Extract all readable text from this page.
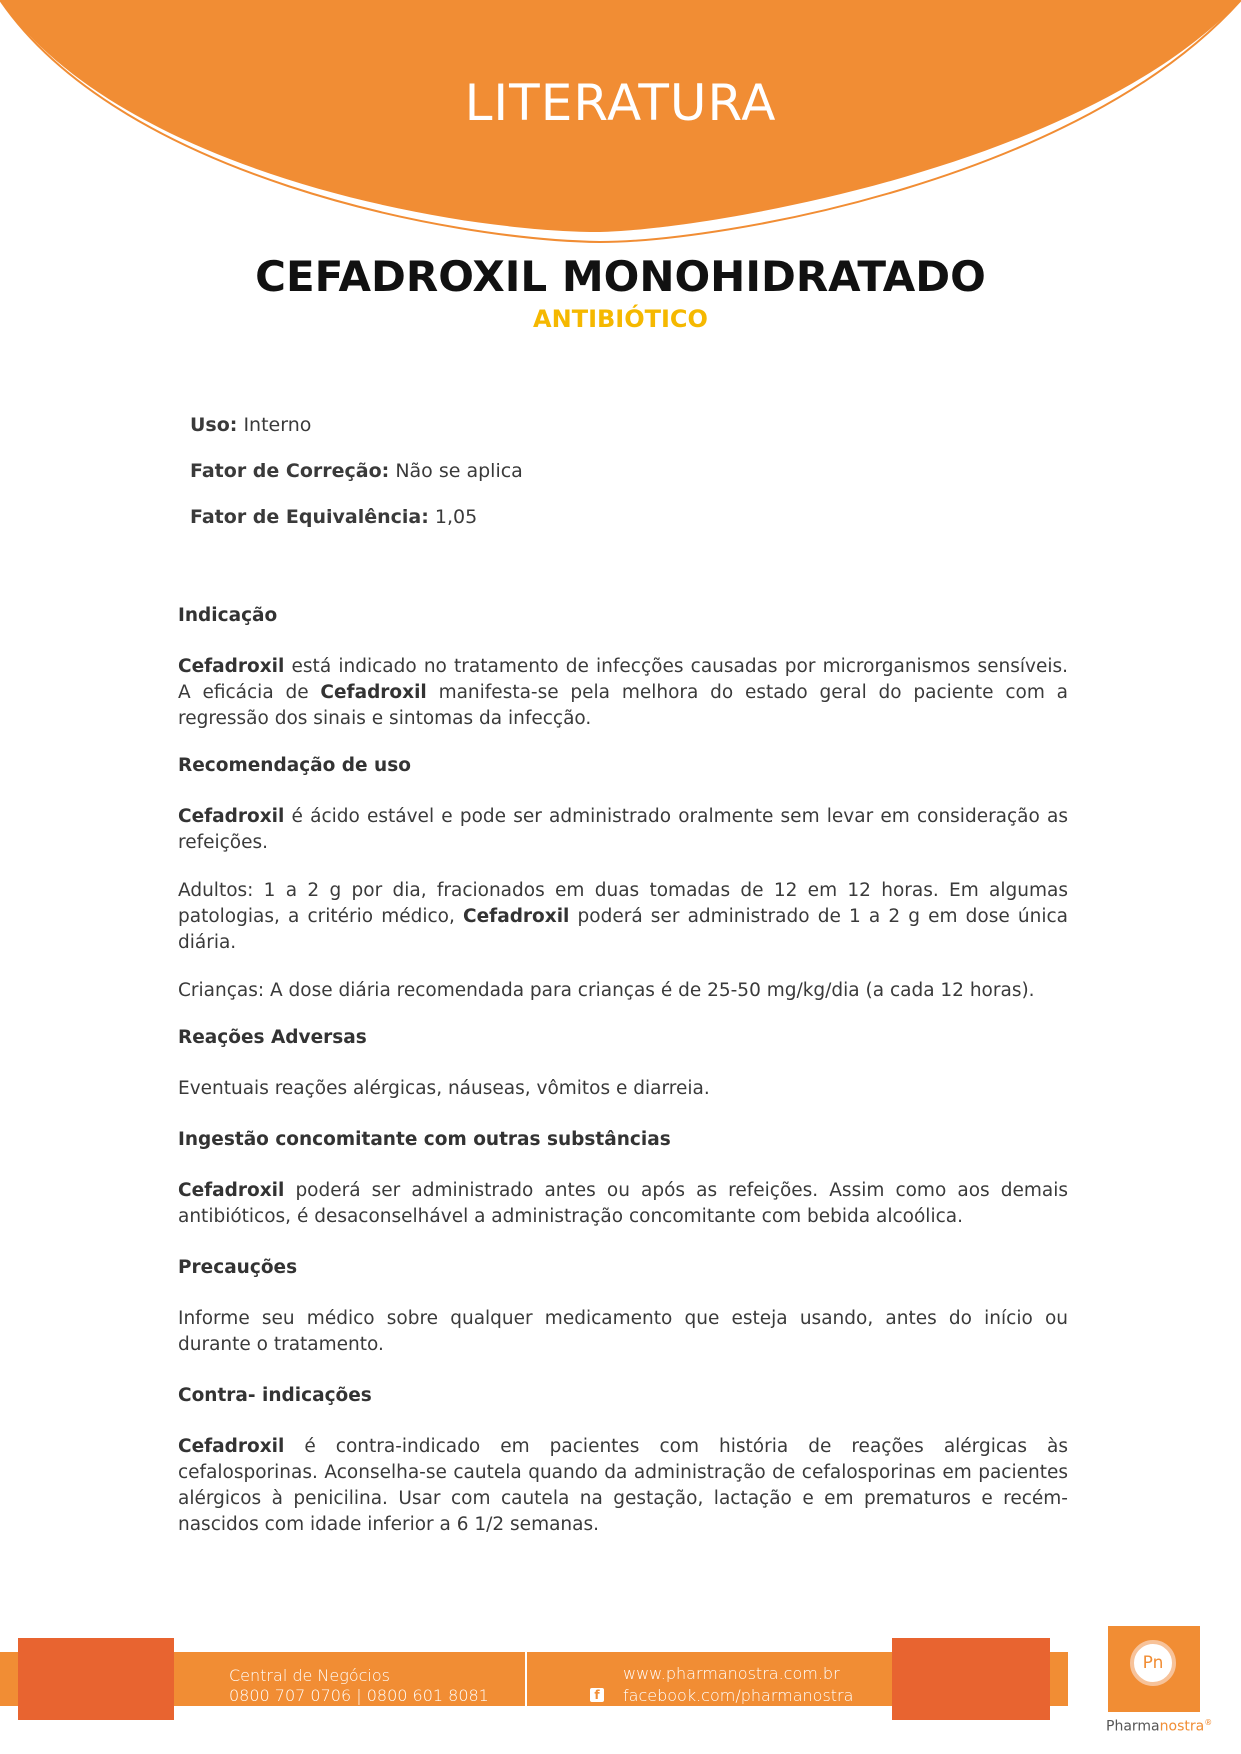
LITERATURA
CEFADROXIL MONOHIDRATADO
ANTIBIÓTICO

Uso: Interno

Fator de Correção: Não se aplica

Fator de Equivalência: 1,05

Indicação

Cefadroxil está indicado no tratamento de infecções causadas por microrganismos sensíveis. A eficácia de Cefadroxil manifesta-se pela melhora do estado geral do paciente com a regressão dos sinais e sintomas da infecção.

Recomendação de uso

Cefadroxil é ácido estável e pode ser administrado oralmente sem levar em consideração as refeições.

Adultos: 1 a 2 g por dia, fracionados em duas tomadas de 12 em 12 horas. Em algumas patologias, a critério médico, Cefadroxil poderá ser administrado de 1 a 2 g em dose única diária.

Crianças: A dose diária recomendada para crianças é de 25-50 mg/kg/dia (a cada 12 horas).

Reações Adversas

Eventuais reações alérgicas, náuseas, vômitos e diarreia.

Ingestão concomitante com outras substâncias

Cefadroxil poderá ser administrado antes ou após as refeições. Assim como aos demais antibióticos, é desaconselhável a administração concomitante com bebida alcoólica.

Precauções

Informe seu médico sobre qualquer medicamento que esteja usando, antes do início ou durante o tratamento.

Contra- indicações

Cefadroxil é contra-indicado em pacientes com história de reações alérgicas às cefalosporinas. Aconselha-se cautela quando da administração de cefalosporinas em pacientes alérgicos à penicilina. Usar com cautela na gestação, lactação e em prematuros e recém-nascidos com idade inferior a 6 1/2 semanas.

Central de Negócios
0800 707 0706 | 0800 601 8081
www.pharmanostra.com.br
f facebook.com/pharmanostra
Pn
Pharmanostra®
